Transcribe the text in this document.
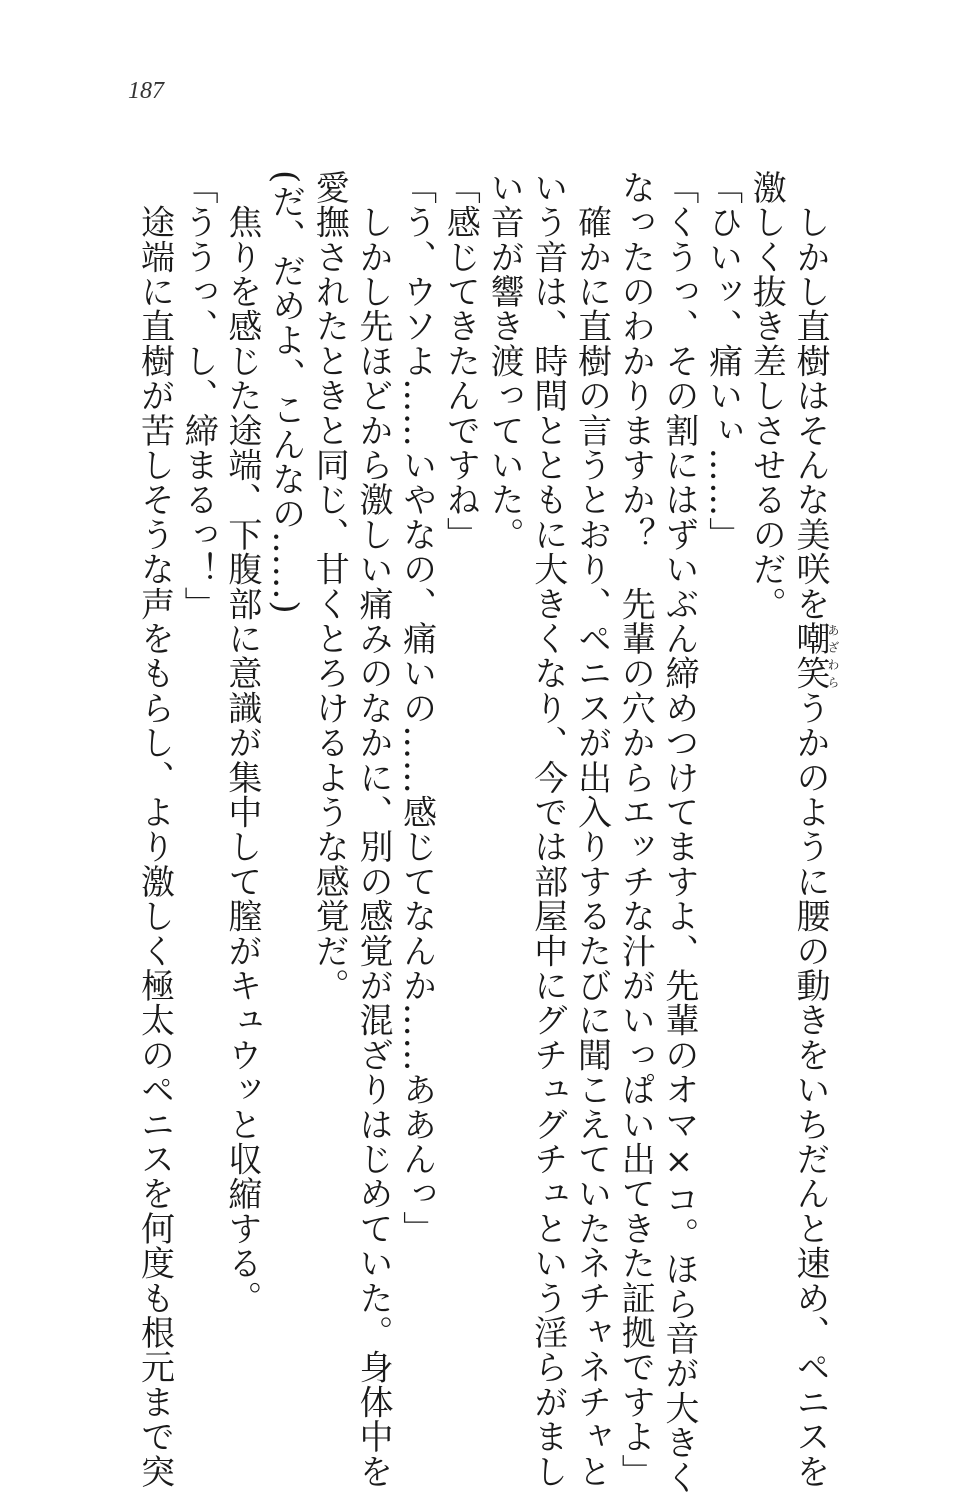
187
　しかし直樹はそんな美咲を嘲笑あざわらうかのように腰の動きをいちだんと速め、ペニスを
激しく抜き差しさせるのだ。
「ひいッ、痛いぃ……」
「くうっ、その割にはずいぶん締めつけてますよ、先輩のオマ×コ。ほら音が大きく
なったのわかりますか？　先輩の穴からエッチな汁がいっぱい出てきた証拠ですよ」
　確かに直樹の言うとおり、ペニスが出入りするたびに聞こえていたネチャネチャと
いう音は、時間とともに大きくなり、今では部屋中にグチュグチュという淫らがまし
い音が響き渡っていた。
「感じてきたんですね」
「う、ウソよ……いやなの、痛いの……感じてなんか……ああんっ」
　しかし先ほどから激しい痛みのなかに、別の感覚が混ざりはじめていた。身体中を
愛撫されたときと同じ、甘くとろけるような感覚だ。
(だ、だめよ、こんなの……)
　焦りを感じた途端、下腹部に意識が集中して膣がキュウッと収縮する。
「ううっ、し、締まるっ！」
　途端に直樹が苦しそうな声をもらし、より激しく極太のペニスを何度も根元まで突
